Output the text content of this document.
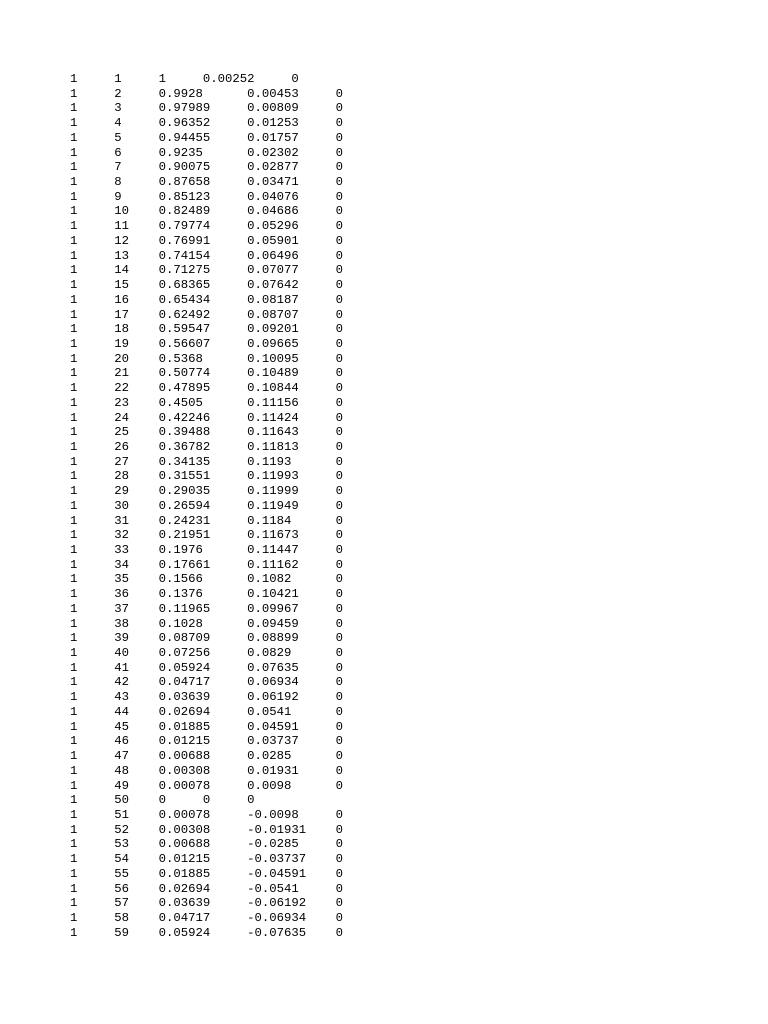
1	1	1	0.00252	0
1	2	0.9928	0.00453	0
1	3	0.97989	0.00809	0
1	4	0.96352	0.01253	0
1	5	0.94455	0.01757	0
1	6	0.9235	0.02302	0
1	7	0.90075	0.02877	0
1	8	0.87658	0.03471	0
1	9	0.85123	0.04076	0
1	10	0.82489	0.04686	0
1	11	0.79774	0.05296	0
1	12	0.76991	0.05901	0
1	13	0.74154	0.06496	0
1	14	0.71275	0.07077	0
1	15	0.68365	0.07642	0
1	16	0.65434	0.08187	0
1	17	0.62492	0.08707	0
1	18	0.59547	0.09201	0
1	19	0.56607	0.09665	0
1	20	0.5368	0.10095	0
1	21	0.50774	0.10489	0
1	22	0.47895	0.10844	0
1	23	0.4505	0.11156	0
1	24	0.42246	0.11424	0
1	25	0.39488	0.11643	0
1	26	0.36782	0.11813	0
1	27	0.34135	0.1193	0
1	28	0.31551	0.11993	0
1	29	0.29035	0.11999	0
1	30	0.26594	0.11949	0
1	31	0.24231	0.1184	0
1	32	0.21951	0.11673	0
1	33	0.1976	0.11447	0
1	34	0.17661	0.11162	0
1	35	0.1566	0.1082	0
1	36	0.1376	0.10421	0
1	37	0.11965	0.09967	0
1	38	0.1028	0.09459	0
1	39	0.08709	0.08899	0
1	40	0.07256	0.0829	0
1	41	0.05924	0.07635	0
1	42	0.04717	0.06934	0
1	43	0.03639	0.06192	0
1	44	0.02694	0.0541	0
1	45	0.01885	0.04591	0
1	46	0.01215	0.03737	0
1	47	0.00688	0.0285	0
1	48	0.00308	0.01931	0
1	49	0.00078	0.0098	0
1	50	0	0	0
1	51	0.00078	-0.0098	0
1	52	0.00308	-0.01931	0
1	53	0.00688	-0.0285	0
1	54	0.01215	-0.03737	0
1	55	0.01885	-0.04591	0
1	56	0.02694	-0.0541	0
1	57	0.03639	-0.06192	0
1	58	0.04717	-0.06934	0
1	59	0.05924	-0.07635	0
